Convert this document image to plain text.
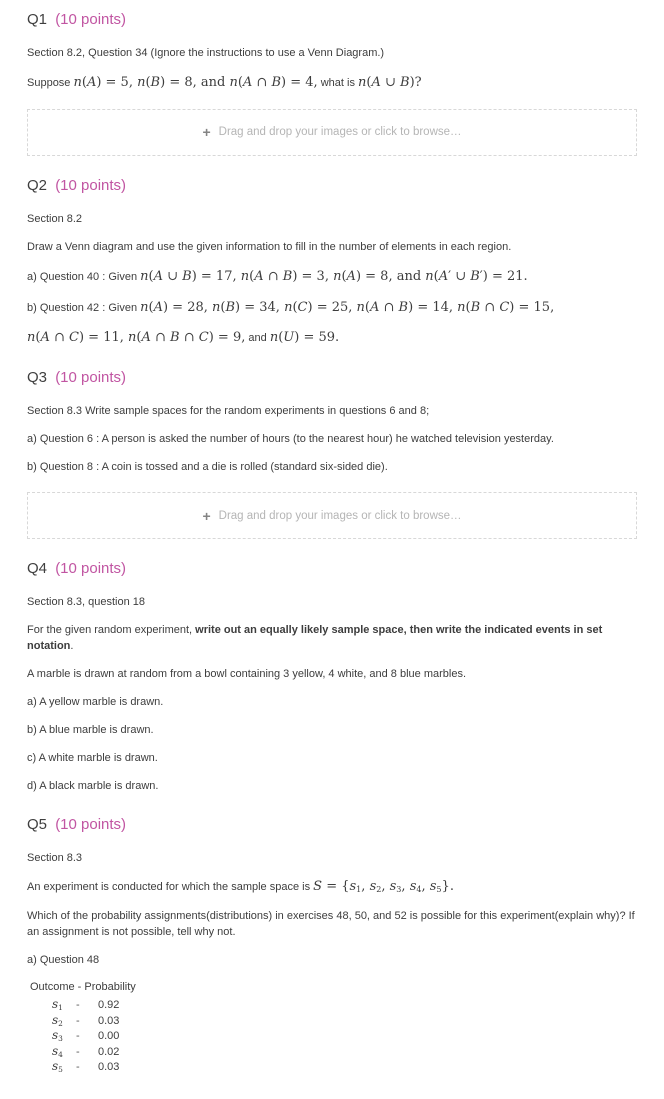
Q1 (10 points)

Section 8.2, Question 34 (Ignore the instructions to use a Venn Diagram.)

Suppose n(A) = 5, n(B) = 8, and n(A ∩ B) = 4, what is n(A ∪ B)?

+ Drag and drop your images or click to browse…
Q2 (10 points)

Section 8.2

Draw a Venn diagram and use the given information to fill in the number of elements in each region.

a) Question 40 : Given n(A ∪ B) = 17, n(A ∩ B) = 3, n(A) = 8, and n(A′ ∪ B′) = 21.

b) Question 42 : Given n(A) = 28, n(B) = 34, n(C) = 25, n(A ∩ B) = 14, n(B ∩ C) = 15,

n(A ∩ C) = 11, n(A ∩ B ∩ C) = 9, and n(U) = 59.

Q3 (10 points)

Section 8.3 Write sample spaces for the random experiments in questions 6 and 8;

a) Question 6 : A person is asked the number of hours (to the nearest hour) he watched television yesterday.

b) Question 8 : A coin is tossed and a die is rolled (standard six-sided die).

+ Drag and drop your images or click to browse…
Q4 (10 points)

Section 8.3, question 18

For the given random experiment, write out an equally likely sample space, then write the indicated events in set notation.

A marble is drawn at random from a bowl containing 3 yellow, 4 white, and 8 blue marbles.

a) A yellow marble is drawn.

b) A blue marble is drawn.

c) A white marble is drawn.

d) A black marble is drawn.

Q5 (10 points)

Section 8.3

An experiment is conducted for which the sample space is $S = \{s_1$, $s_2$, $s_3$, $s_4$, $s_5$}.

Which of the probability assignments(distributions) in exercises 48, 50, and 52 is possible for this experiment(explain why)? If an assignment is not possible, tell why not.

a) Question 48

Outcome - Probability
$s_1$	-	0.92
$s_2$	-	0.03
$s_3$	-	0.00
$s_4$	-	0.02
$s_5$	-	0.03
